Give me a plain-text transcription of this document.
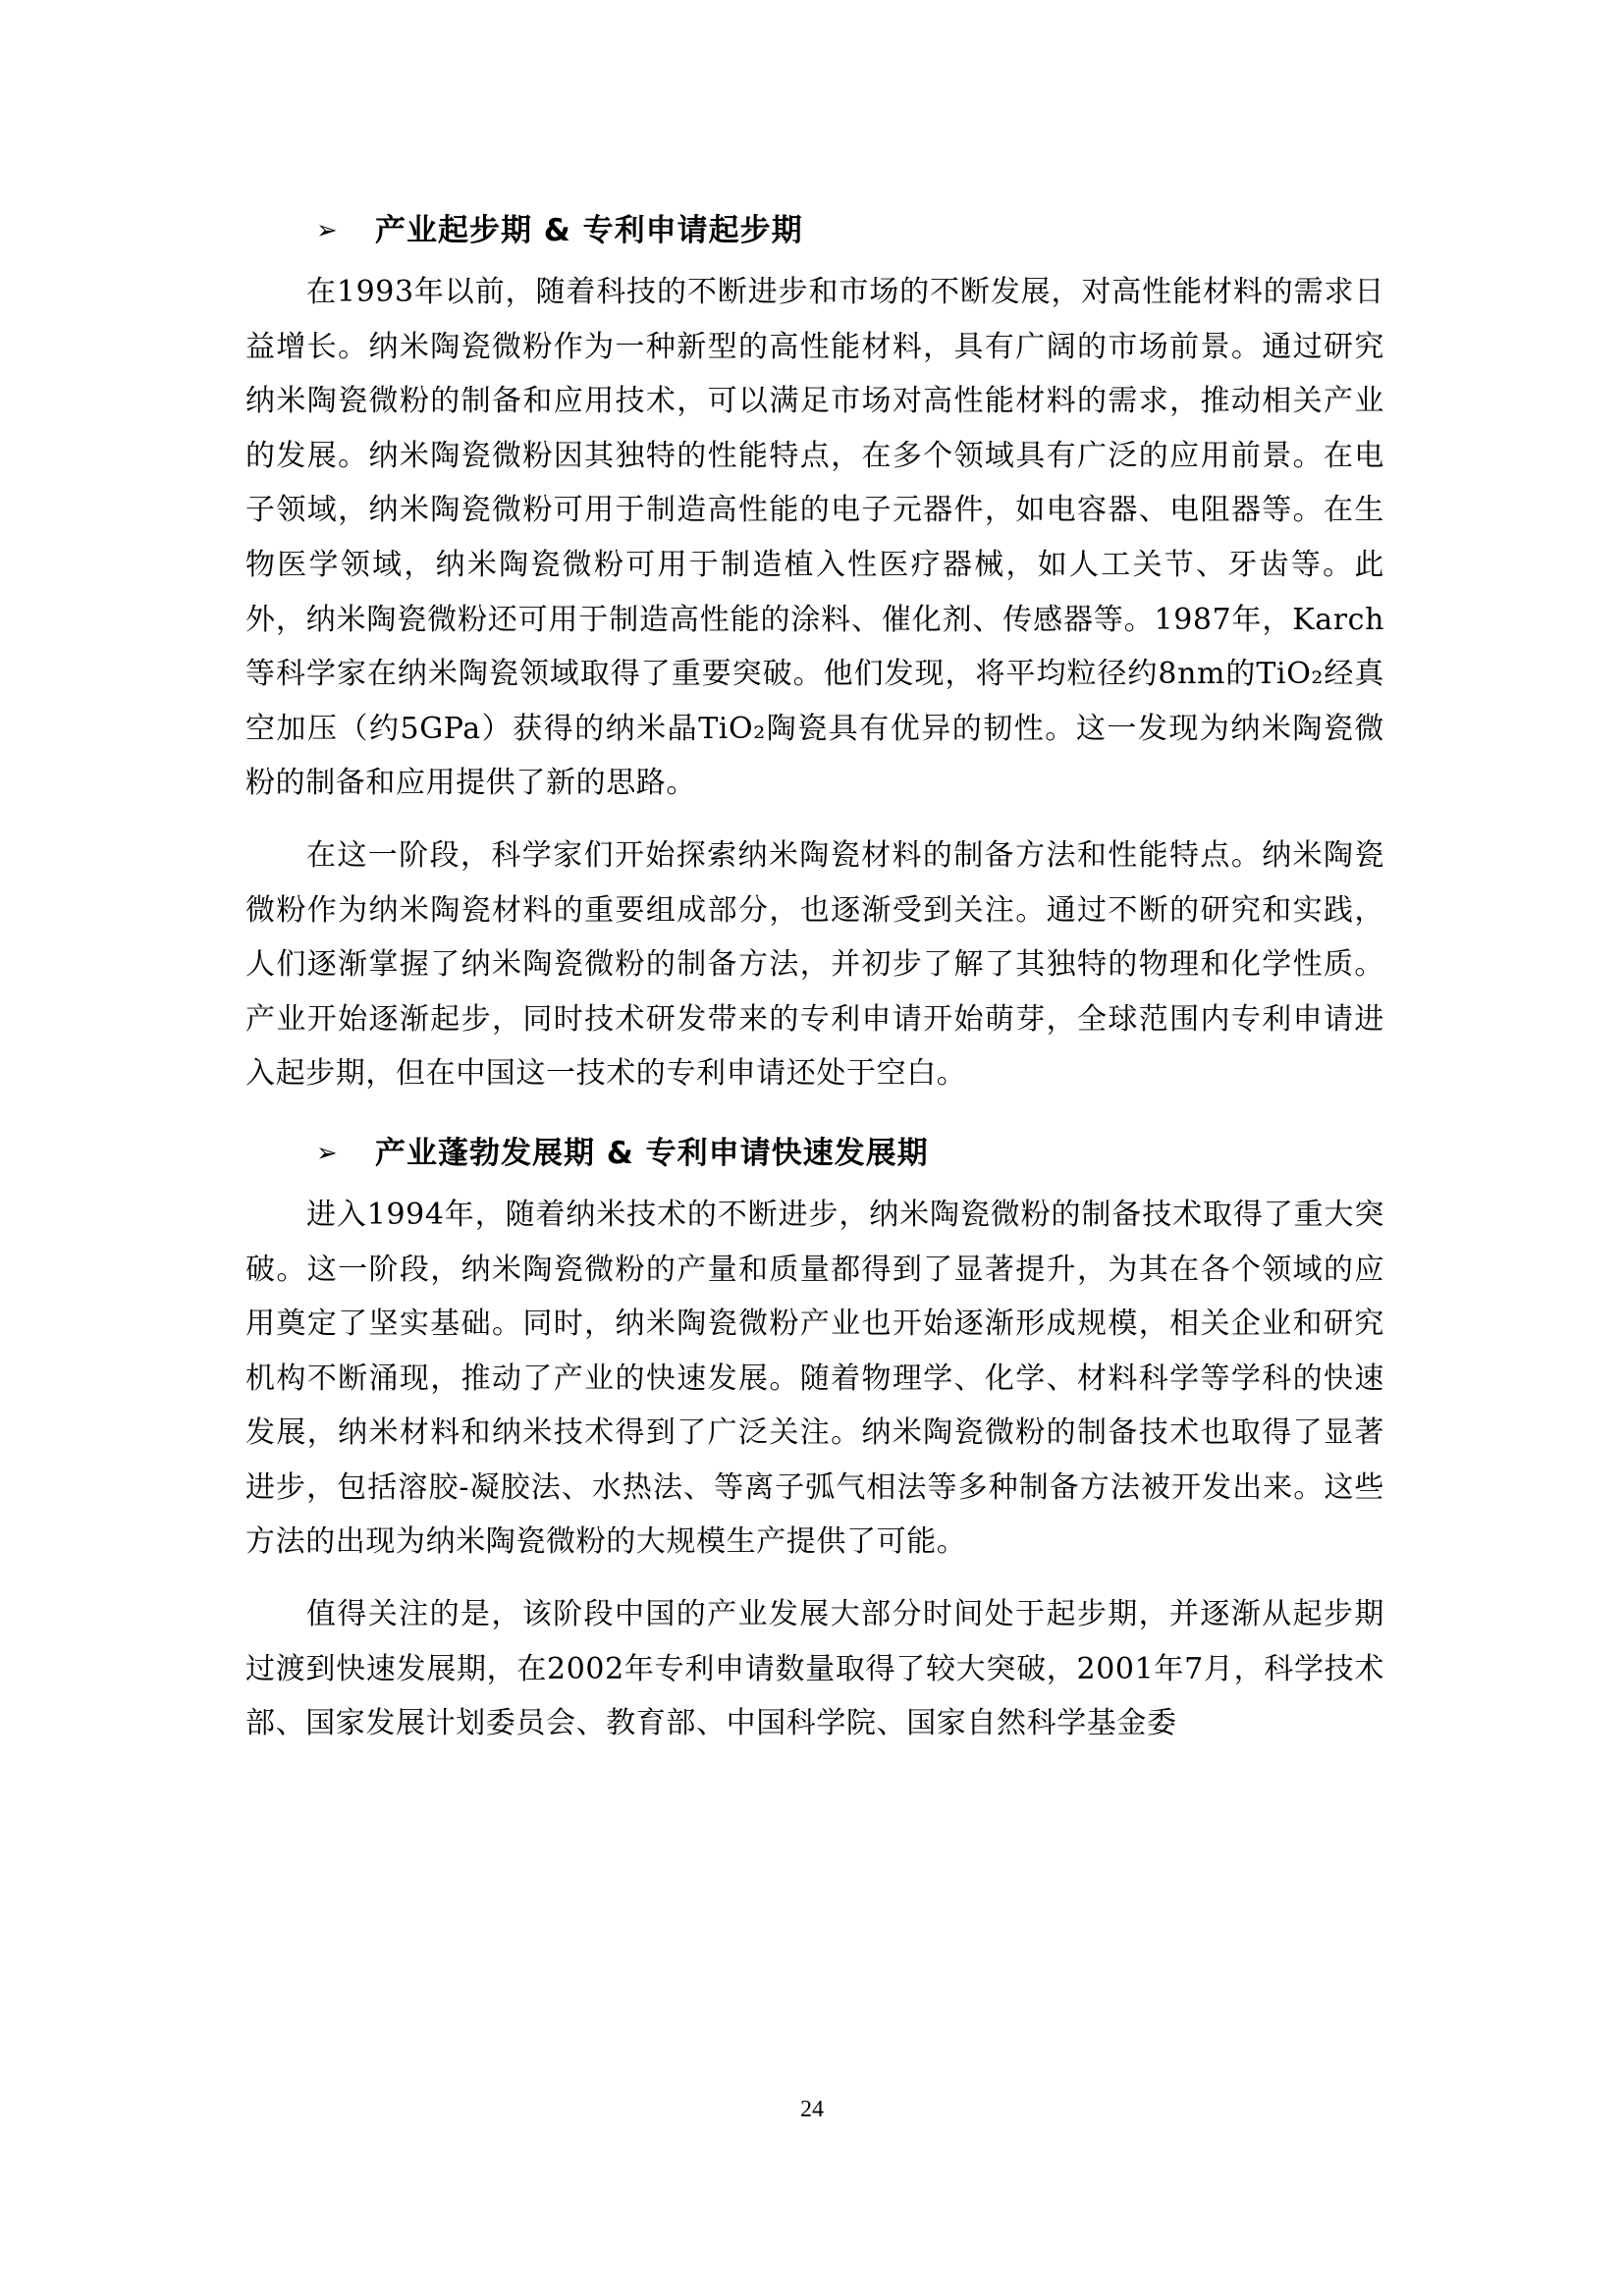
➢	产业起步期 & 专利申请起步期

在1993年以前，随着科技的不断进步和市场的不断发展，对高性能材料的需求日益增长。纳米陶瓷微粉作为一种新型的高性能材料，具有广阔的市场前景。通过研究纳米陶瓷微粉的制备和应用技术，可以满足市场对高性能材料的需求，推动相关产业的发展。纳米陶瓷微粉因其独特的性能特点，在多个领域具有广泛的应用前景。在电子领域，纳米陶瓷微粉可用于制造高性能的电子元器件，如电容器、电阻器等。在生物医学领域，纳米陶瓷微粉可用于制造植入性医疗器械，如人工关节、牙齿等。此外，纳米陶瓷微粉还可用于制造高性能的涂料、催化剂、传感器等。1987年，Karch等科学家在纳米陶瓷领域取得了重要突破。他们发现，将平均粒径约8nm的TiO₂经真空加压（约5GPa）获得的纳米晶TiO₂陶瓷具有优异的韧性。这一发现为纳米陶瓷微粉的制备和应用提供了新的思路。

在这一阶段，科学家们开始探索纳米陶瓷材料的制备方法和性能特点。纳米陶瓷微粉作为纳米陶瓷材料的重要组成部分，也逐渐受到关注。通过不断的研究和实践，人们逐渐掌握了纳米陶瓷微粉的制备方法，并初步了解了其独特的物理和化学性质。产业开始逐渐起步，同时技术研发带来的专利申请开始萌芽，全球范围内专利申请进入起步期，但在中国这一技术的专利申请还处于空白。

➢	产业蓬勃发展期 & 专利申请快速发展期

进入1994年，随着纳米技术的不断进步，纳米陶瓷微粉的制备技术取得了重大突破。这一阶段，纳米陶瓷微粉的产量和质量都得到了显著提升，为其在各个领域的应用奠定了坚实基础。同时，纳米陶瓷微粉产业也开始逐渐形成规模，相关企业和研究机构不断涌现，推动了产业的快速发展。随着物理学、化学、材料科学等学科的快速发展，纳米材料和纳米技术得到了广泛关注。纳米陶瓷微粉的制备技术也取得了显著进步，包括溶胶-凝胶法、水热法、等离子弧气相法等多种制备方法被开发出来。这些方法的出现为纳米陶瓷微粉的大规模生产提供了可能。

值得关注的是，该阶段中国的产业发展大部分时间处于起步期，并逐渐从起步期过渡到快速发展期，在2002年专利申请数量取得了较大突破，2001年7月，科学技术部、国家发展计划委员会、教育部、中国科学院、国家自然科学基金委

24
